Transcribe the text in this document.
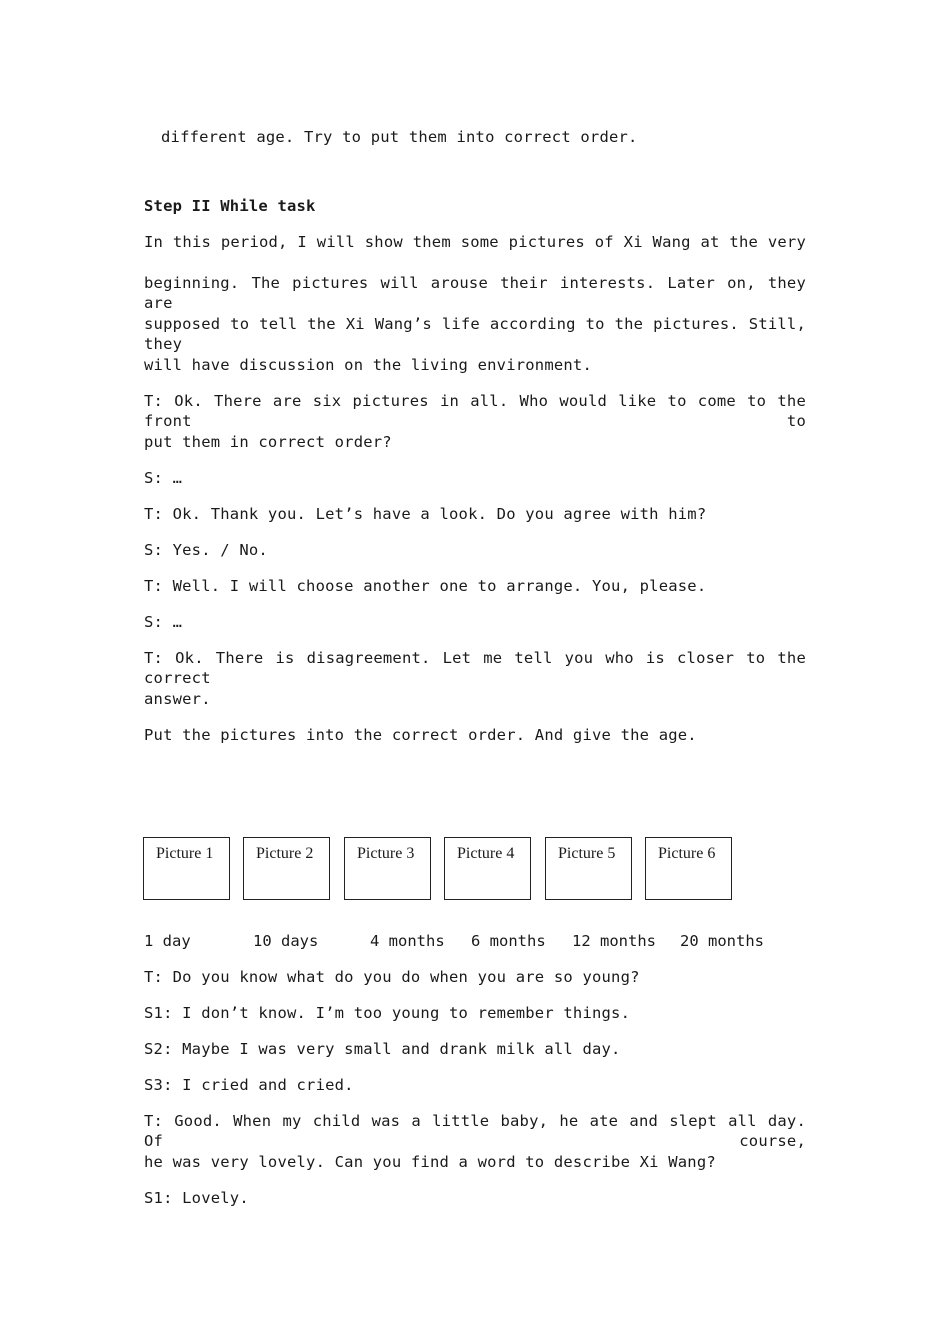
different age. Try to put them into correct order.
Step II While task
In this period, I will show them some pictures of Xi Wang at the very
beginning. The pictures will arouse their interests. Later on, they are
supposed to tell the Xi Wang’s life according to the pictures. Still, they
will have discussion on the living environment.
T: Ok. There are six pictures in all. Who would like to come to the front to
put them in correct order?
S: …
T: Ok. Thank you. Let’s have a look. Do you agree with him?
S: Yes. / No.
T: Well. I will choose another one to arrange. You, please.
S: …
T: Ok. There is disagreement. Let me tell you who is closer to the correct
answer.
Put the pictures into the correct order. And give the age.
Picture 1	Picture 2	Picture 3	Picture 4	Picture 5	Picture 6
1 day	10 days	4 months 6 months 12 months 20 months
T: Do you know what do you do when you are so young?
S1: I don’t know. I’m too young to remember things.
S2: Maybe I was very small and drank milk all day.
S3: I cried and cried.
T: Good. When my child was a little baby, he ate and slept all day. Of course,
he was very lovely. Can you find a word to describe Xi Wang?
S1: Lovely.
